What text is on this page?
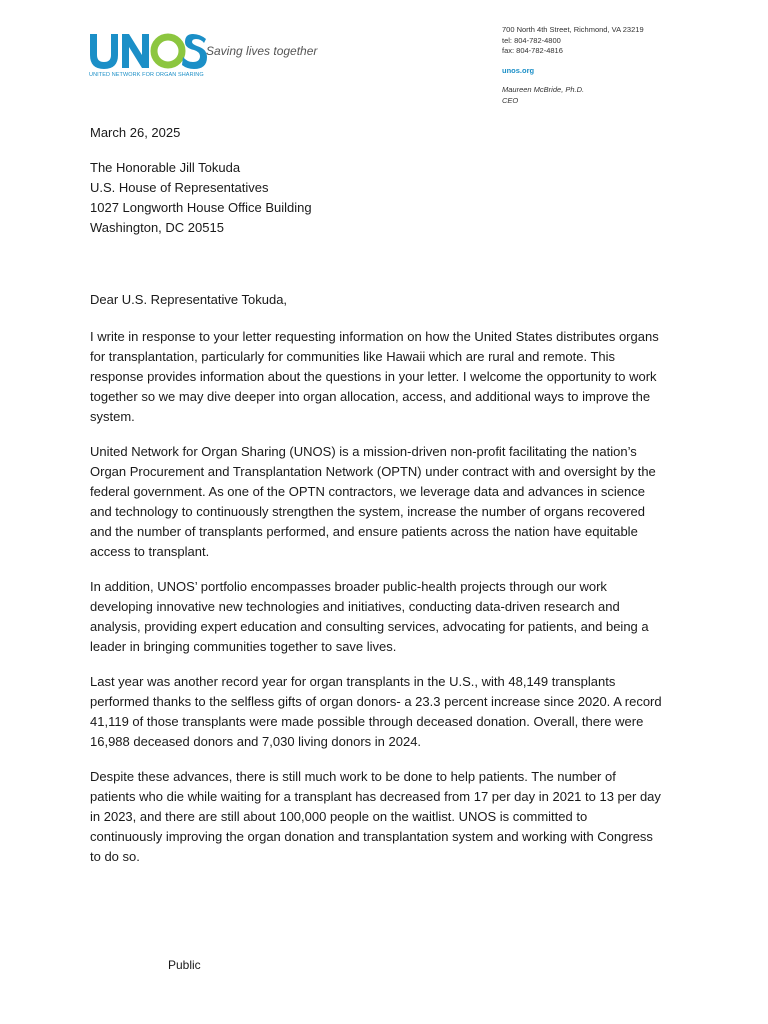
UNITED NETWORK FOR ORGAN SHARING
Saving lives together
700 North 4th Street, Richmond, VA 23219
tel: 804-782-4800
fax: 804-782-4816
unos.org
Maureen McBride, Ph.D.
CEO
March 26, 2025
The Honorable Jill Tokuda
U.S. House of Representatives
1027 Longworth House Office Building
Washington, DC 20515
Dear U.S. Representative Tokuda,

I write in response to your letter requesting information on how the United States distributes organs for transplantation, particularly for communities like Hawaii which are rural and remote. This response provides information about the questions in your letter. I welcome the opportunity to work together so we may dive deeper into organ allocation, access, and additional ways to improve the system.

United Network for Organ Sharing (UNOS) is a mission-driven non-profit facilitating the nation’s Organ Procurement and Transplantation Network (OPTN) under contract with and oversight by the federal government. As one of the OPTN contractors, we leverage data and advances in science and technology to continuously strengthen the system, increase the number of organs recovered and the number of transplants performed, and ensure patients across the nation have equitable access to transplant.

In addition, UNOS’ portfolio encompasses broader public-health projects through our work developing innovative new technologies and initiatives, conducting data-driven research and analysis, providing expert education and consulting services, advocating for patients, and being a leader in bringing communities together to save lives.

Last year was another record year for organ transplants in the U.S., with 48,149 transplants performed thanks to the selfless gifts of organ donors- a 23.3 percent increase since 2020. A record 41,119 of those transplants were made possible through deceased donation. Overall, there were 16,988 deceased donors and 7,030 living donors in 2024.

Despite these advances, there is still much work to be done to help patients. The number of patients who die while waiting for a transplant has decreased from 17 per day in 2021 to 13 per day in 2023, and there are still about 100,000 people on the waitlist. UNOS is committed to continuously improving the organ donation and transplantation system and working with Congress to do so.

Public
